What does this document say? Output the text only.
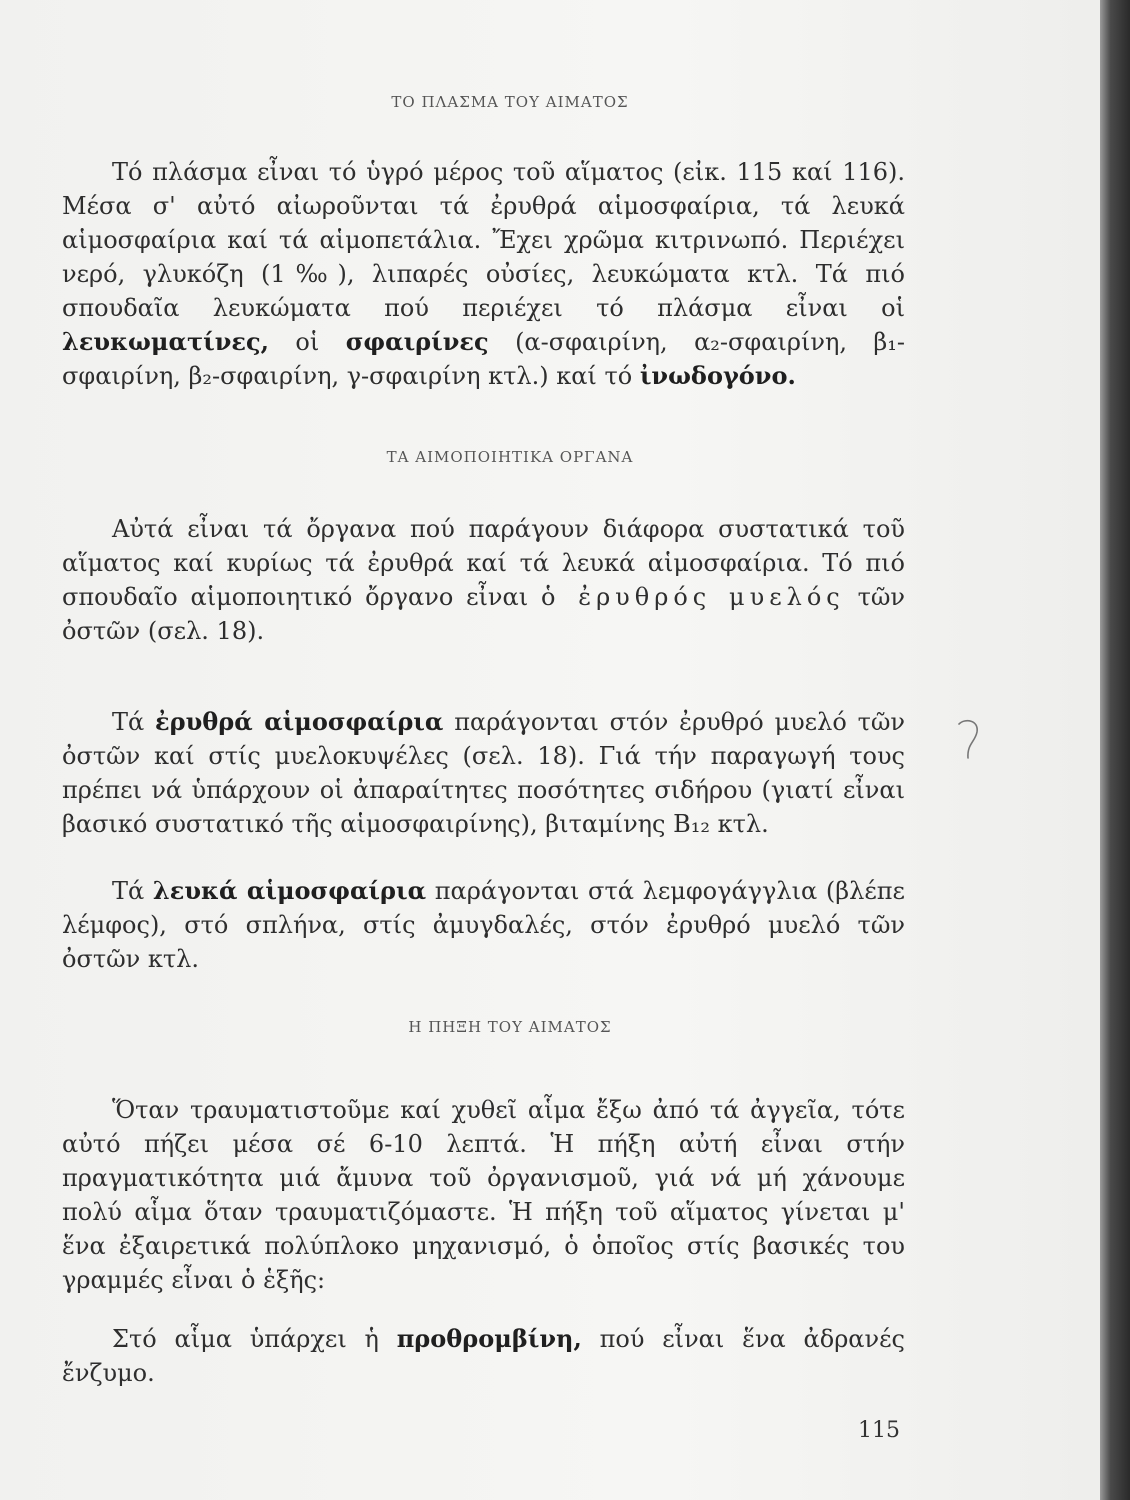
ΤΟ ΠΛΑΣΜΑ ΤΟΥ ΑΙΜΑΤΟΣ

Τό πλάσμα εἶναι τό ὑγρό μέρος τοῦ αἵματος (εἰκ. 115 καί 116). Μέσα σ' αὐτό αἰωροῦνται τά ἐρυθρά αἱμοσφαίρια, τά λευκά αἱμοσφαίρια καί τά αἱμοπετάλια. Ἔχει χρῶμα κιτρινωπό. Περιέχει νερό, γλυκόζη (1‰), λιπαρές οὐσίες, λευκώματα κτλ. Τά πιό σπουδαῖα λευκώματα πού περιέχει τό πλάσμα εἶναι οἱ λευκωματίνες, οἱ σφαιρίνες (α-σφαιρίνη, α₂-σφαιρίνη, β₁-σφαιρίνη, β₂-σφαιρίνη, γ-σφαιρίνη κτλ.) καί τό ἰνωδογόνο.

ΤΑ ΑΙΜΟΠΟΙΗΤΙΚΑ ΟΡΓΑΝΑ

Αὐτά εἶναι τά ὄργανα πού παράγουν διάφορα συστατικά τοῦ αἵματος καί κυρίως τά ἐρυθρά καί τά λευκά αἱμοσφαίρια. Τό πιό σπουδαῖο αἱμοποιητικό ὄργανο εἶναι ὁ ἐρυθρός μυελός τῶν ὀστῶν (σελ. 18).

Τά ἐρυθρά αἱμοσφαίρια παράγονται στόν ἐρυθρό μυελό τῶν ὀστῶν καί στίς μυελοκυψέλες (σελ. 18). Γιά τήν παραγωγή τους πρέπει νά ὑπάρχουν οἱ ἀπαραίτητες ποσότητες σιδήρου (γιατί εἶναι βασικό συστατικό τῆς αἱμοσφαιρίνης), βιταμίνης Β₁₂ κτλ.

Τά λευκά αἱμοσφαίρια παράγονται στά λεμφογάγγλια (βλέπε λέμφος), στό σπλήνα, στίς ἀμυγδαλές, στόν ἐρυθρό μυελό τῶν ὀστῶν κτλ.

Η ΠΗΞΗ ΤΟΥ ΑΙΜΑΤΟΣ

Ὅταν τραυματιστοῦμε καί χυθεῖ αἷμα ἔξω ἀπό τά ἀγγεῖα, τότε αὐτό πήζει μέσα σέ 6-10 λεπτά. Ἡ πήξη αὐτή εἶναι στήν πραγματικότητα μιά ἄμυνα τοῦ ὀργανισμοῦ, γιά νά μή χάνουμε πολύ αἷμα ὅταν τραυματιζόμαστε. Ἡ πήξη τοῦ αἵματος γίνεται μ' ἕνα ἐξαιρετικά πολύπλοκο μηχανισμό, ὁ ὁποῖος στίς βασικές του γραμμές εἶναι ὁ ἑξῆς:

Στό αἷμα ὑπάρχει ἡ προθρομβίνη, πού εἶναι ἕνα ἀδρανές ἔνζυμο.

115
